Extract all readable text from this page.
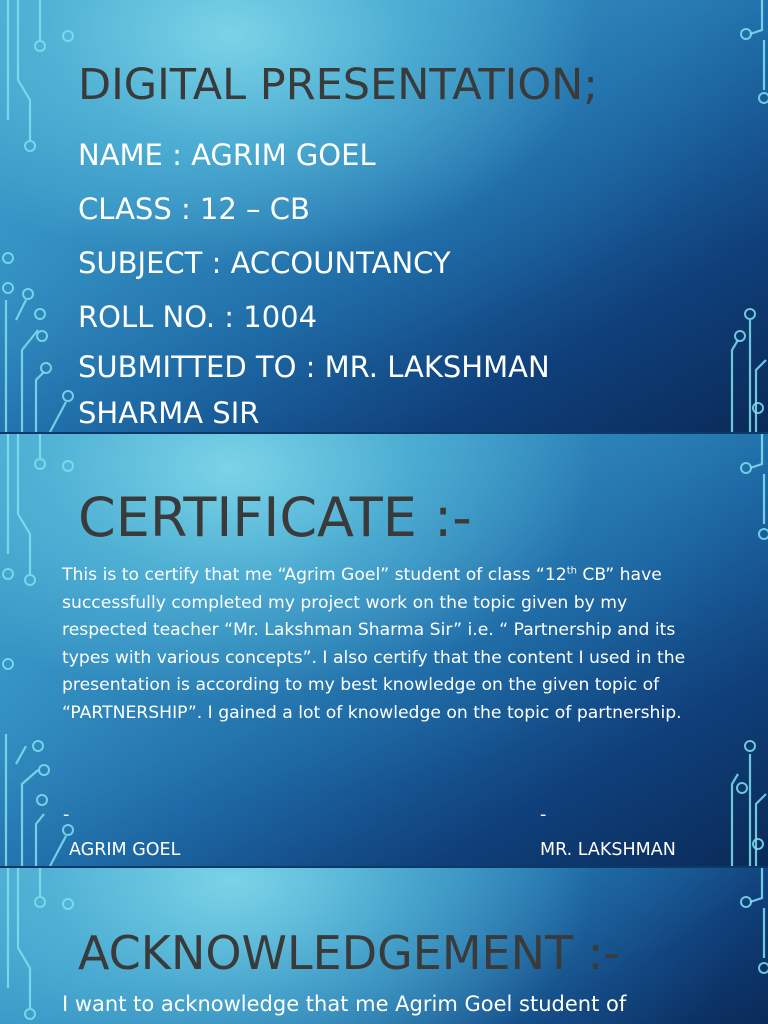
DIGITAL PRESENTATION;
NAME : AGRIM GOEL
CLASS : 12 – CB
SUBJECT : ACCOUNTANCY
ROLL NO. : 1004
SUBMITTED TO : MR. LAKSHMAN SHARMA SIR
CERTIFICATE :-

This is to certify that me “Agrim Goel” student of class “12th CB” have successfully completed my project work on the topic given by my respected teacher “Mr. Lakshman Sharma Sir” i.e. “ Partnership and its types with various concepts”. I also certify that the content I used in the presentation is according to my best knowledge on the given topic of “PARTNERSHIP”. I gained a lot of knowledge on the topic of partnership.

-
AGRIM GOEL
-
MR. LAKSHMAN
ACKNOWLEDGEMENT :-

I want to acknowledge that me Agrim Goel student of
